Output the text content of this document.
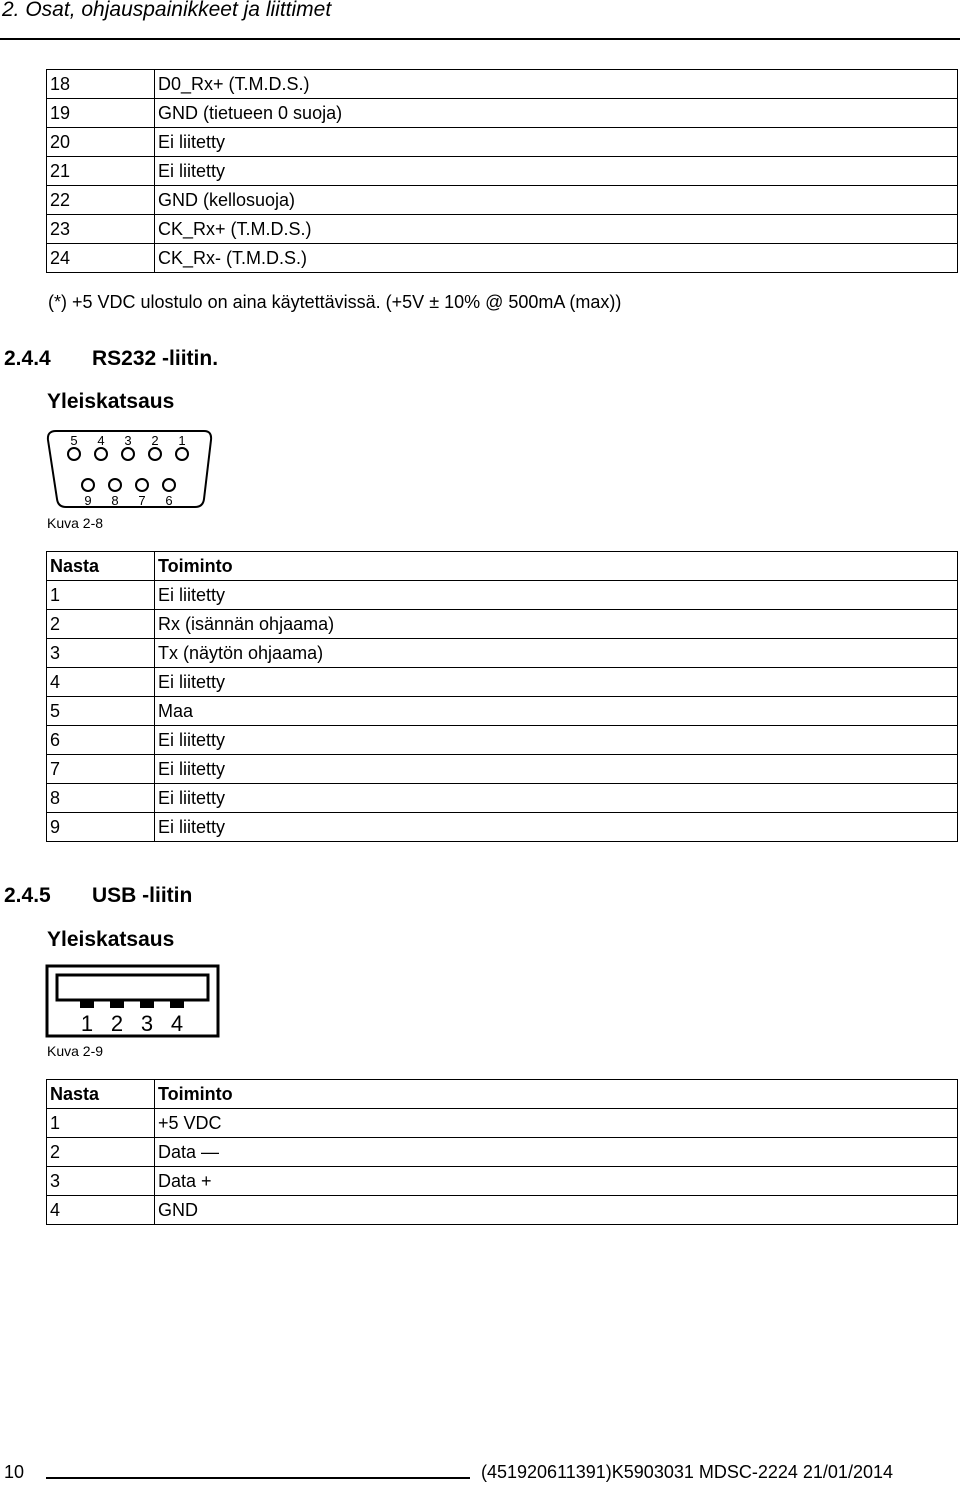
2. Osat, ohjauspainikkeet ja liittimet
18	D0_Rx+ (T.M.D.S.)
19	GND (tietueen 0 suoja)
20	Ei liitetty
21	Ei liitetty
22	GND (kellosuoja)
23	CK_Rx+ (T.M.D.S.)
24	CK_Rx- (T.M.D.S.)
(*) +5 VDC ulostulo on aina käytettävissä. (+5V ± 10% @ 500mA (max))
2.4.4 RS232 -liitin.
Yleiskatsaus
5 4 3 2 1
9 8 7 6
Kuva 2-8
Nasta	Toiminto
1	Ei liitetty
2	Rx (isännän ohjaama)
3	Tx (näytön ohjaama)
4	Ei liitetty
5	Maa
6	Ei liitetty
7	Ei liitetty
8	Ei liitetty
9	Ei liitetty
2.4.5 USB -liitin
Yleiskatsaus
1 2 3 4
Kuva 2-9
Nasta	Toiminto
1	+5 VDC
2	Data —
3	Data +
4	GND
10	(451920611391)K5903031 MDSC-2224 21/01/2014
